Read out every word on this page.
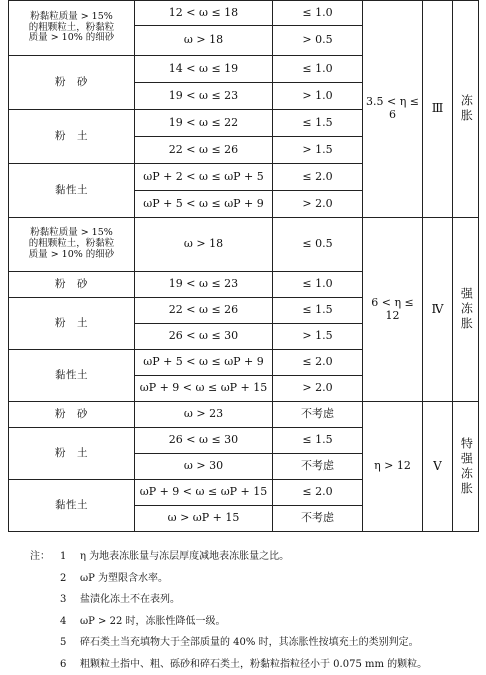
粉黏粒质量 > 15%
的粗颗粒土，粉黏粒
质量 > 10% 的细砂	12 < ω ≤ 18	≤ 1.0	3.5 < η ≤ 6	Ⅲ	冻胀
	ω > 18	> 0.5			
粉　砂	14 < ω ≤ 19	≤ 1.0			
	19 < ω ≤ 23	> 1.0			
粉　土	19 < ω ≤ 22	≤ 1.5			
	22 < ω ≤ 26	> 1.5			
黏性土	ωP + 2 < ω ≤ ωP + 5	≤ 2.0			
	ωP + 5 < ω ≤ ωP + 9	> 2.0			
粉黏粒质量 > 15%
的粗颗粒土，粉黏粒
质量 > 10% 的细砂	ω > 18	≤ 0.5	6 < η ≤ 12	Ⅳ	强冻胀
粉　砂	19 < ω ≤ 23	≤ 1.0			
粉　土	22 < ω ≤ 26	≤ 1.5			
	26 < ω ≤ 30	> 1.5			
黏性土	ωP + 5 < ω ≤ ωP + 9	≤ 2.0			
	ωP + 9 < ω ≤ ωP + 15	> 2.0			
粉　砂	ω > 23	不考虑	η > 12	Ⅴ	特强冻胀
粉　土	26 < ω ≤ 30	≤ 1.5			
	ω > 30	不考虑			
黏性土	ωP + 9 < ω ≤ ωP + 15	≤ 2.0			
	ω > ωP + 15	不考虑			
注：	1	η 为地表冻胀量与冻层厚度减地表冻胀量之比。
2	ωP 为塑限含水率。
3	盐渍化冻土不在表列。
4	ωP > 22 时，冻胀性降低一级。
5	碎石类土当充填物大于全部质量的 40% 时，其冻胀性按填充土的类别判定。
6	粗颗粒土指中、粗、砾砂和碎石类土，粉黏粒指粒径小于 0.075 mm 的颗粒。
